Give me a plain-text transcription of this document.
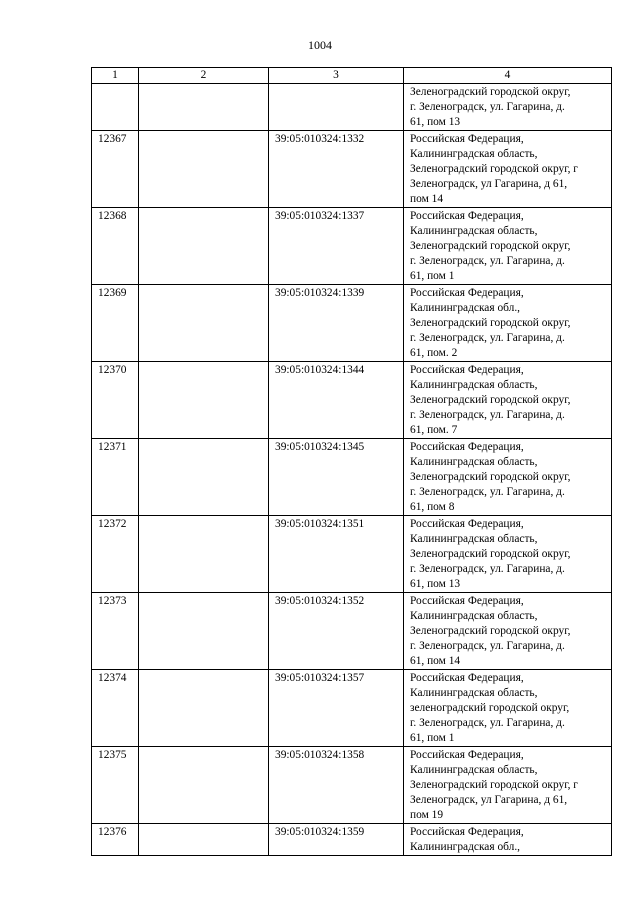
1004
1	2	3	4

			Зеленоградский городской округ,
г. Зеленоградск, ул. Гагарина, д.
61, пом 13

12367		39:05:010324:1332	Российская Федерация,
Калининградская область,
Зеленоградский городской округ, г
Зеленоградск, ул Гагарина, д 61,
пом 14

12368		39:05:010324:1337	Российская Федерация,
Калининградская область,
Зеленоградский городской округ,
г. Зеленоградск, ул. Гагарина, д.
61, пом 1

12369		39:05:010324:1339	Российская Федерация,
Калининградская обл.,
Зеленоградский городской округ,
г. Зеленоградск, ул. Гагарина, д.
61, пом. 2

12370		39:05:010324:1344	Российская Федерация,
Калининградская область,
Зеленоградский городской округ,
г. Зеленоградск, ул. Гагарина, д.
61, пом. 7

12371		39:05:010324:1345	Российская Федерация,
Калининградская область,
Зеленоградский городской округ,
г. Зеленоградск, ул. Гагарина, д.
61, пом 8

12372		39:05:010324:1351	Российская Федерация,
Калининградская область,
Зеленоградский городской округ,
г. Зеленоградск, ул. Гагарина, д.
61, пом 13

12373		39:05:010324:1352	Российская Федерация,
Калининградская область,
Зеленоградский городской округ,
г. Зеленоградск, ул. Гагарина, д.
61, пом 14

12374		39:05:010324:1357	Российская Федерация,
Калининградская область,
зеленоградский городской округ,
г. Зеленоградск, ул. Гагарина, д.
61, пом 1

12375		39:05:010324:1358	Российская Федерация,
Калининградская область,
Зеленоградский городской округ, г
Зеленоградск, ул Гагарина, д 61,
пом 19

12376		39:05:010324:1359	Российская Федерация,
Калининградская обл.,
